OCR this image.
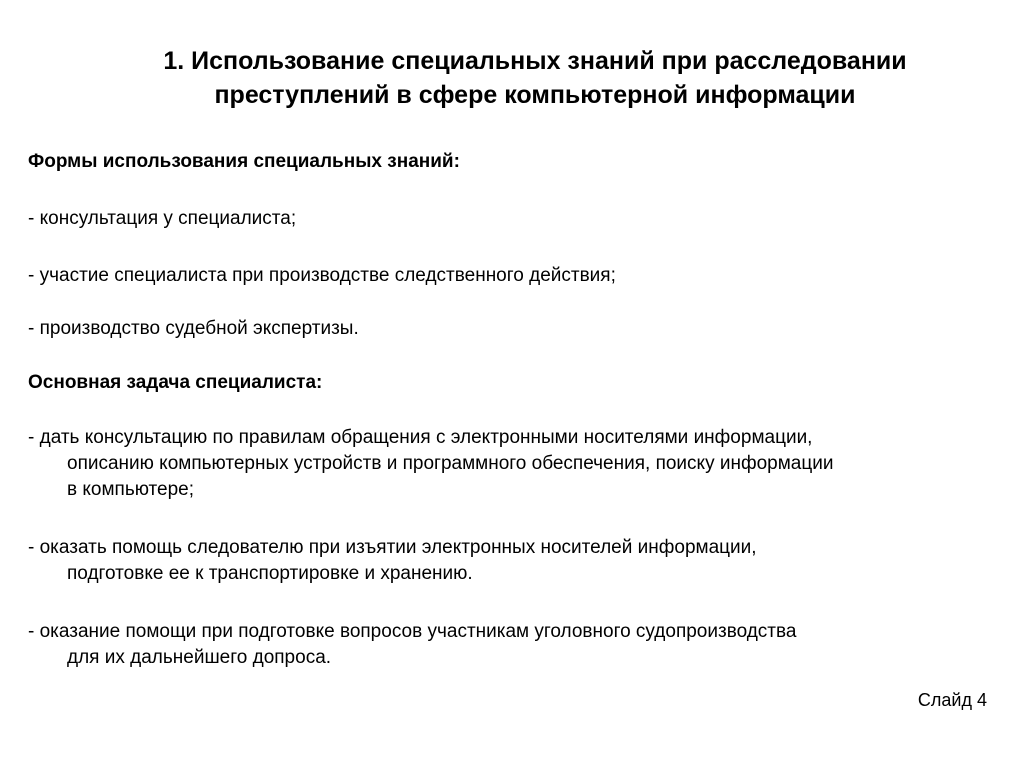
1. Использование специальных знаний при расследовании
преступлений в сфере компьютерной информации

Формы использования специальных знаний:

- консультация у специалиста;

- участие специалиста при производстве следственного действия;

- производство судебной экспертизы.

Основная задача специалиста:

- дать консультацию по правилам обращения с электронными носителями информации,
описанию компьютерных устройств и программного обеспечения, поиску информации
в компьютере;
- оказать помощь следователю при изъятии электронных носителей информации,
подготовке ее к транспортировке и хранению.
- оказание помощи при подготовке вопросов участникам уголовного судопроизводства
для их дальнейшего допроса.
Слайд 4
